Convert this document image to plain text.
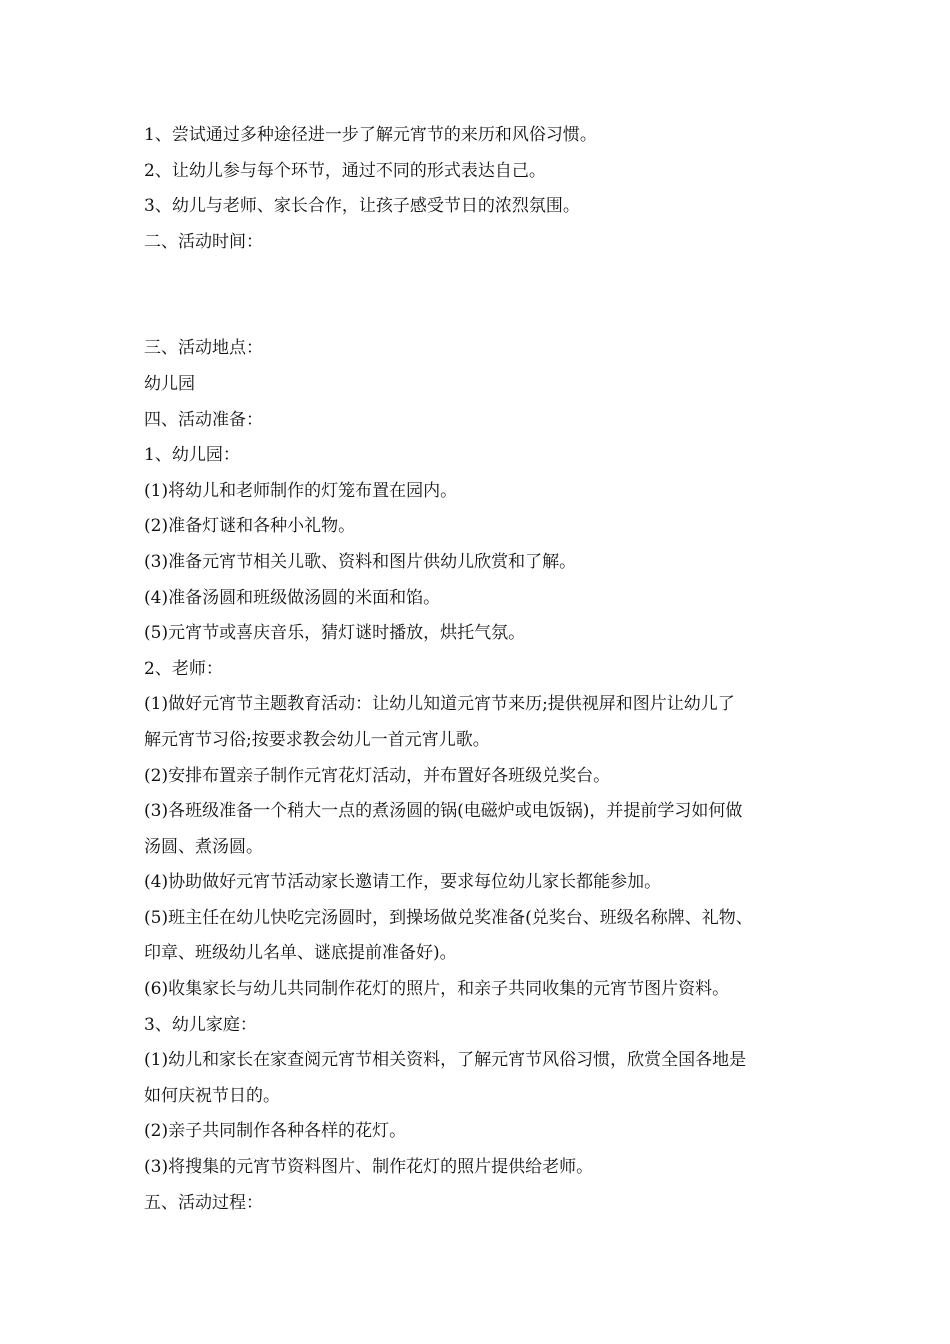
1、尝试通过多种途径进一步了解元宵节的来历和风俗习惯。
2、让幼儿参与每个环节，通过不同的形式表达自己。
3、幼儿与老师、家长合作，让孩子感受节日的浓烈氛围。
二、活动时间：
三、活动地点：
幼儿园
四、活动准备：
1、幼儿园：
(1)将幼儿和老师制作的灯笼布置在园内。
(2)准备灯谜和各种小礼物。
(3)准备元宵节相关儿歌、资料和图片供幼儿欣赏和了解。
(4)准备汤圆和班级做汤圆的米面和馅。
(5)元宵节或喜庆音乐，猜灯谜时播放，烘托气氛。
2、老师：
(1)做好元宵节主题教育活动：让幼儿知道元宵节来历;提供视屏和图片让幼儿了
解元宵节习俗;按要求教会幼儿一首元宵儿歌。
(2)安排布置亲子制作元宵花灯活动，并布置好各班级兑奖台。
(3)各班级准备一个稍大一点的煮汤圆的锅(电磁炉或电饭锅)，并提前学习如何做
汤圆、煮汤圆。
(4)协助做好元宵节活动家长邀请工作，要求每位幼儿家长都能参加。
(5)班主任在幼儿快吃完汤圆时，到操场做兑奖准备(兑奖台、班级名称牌、礼物、
印章、班级幼儿名单、谜底提前准备好)。
(6)收集家长与幼儿共同制作花灯的照片，和亲子共同收集的元宵节图片资料。
3、幼儿家庭：
(1)幼儿和家长在家查阅元宵节相关资料，了解元宵节风俗习惯，欣赏全国各地是
如何庆祝节日的。
(2)亲子共同制作各种各样的花灯。
(3)将搜集的元宵节资料图片、制作花灯的照片提供给老师。
五、活动过程：
